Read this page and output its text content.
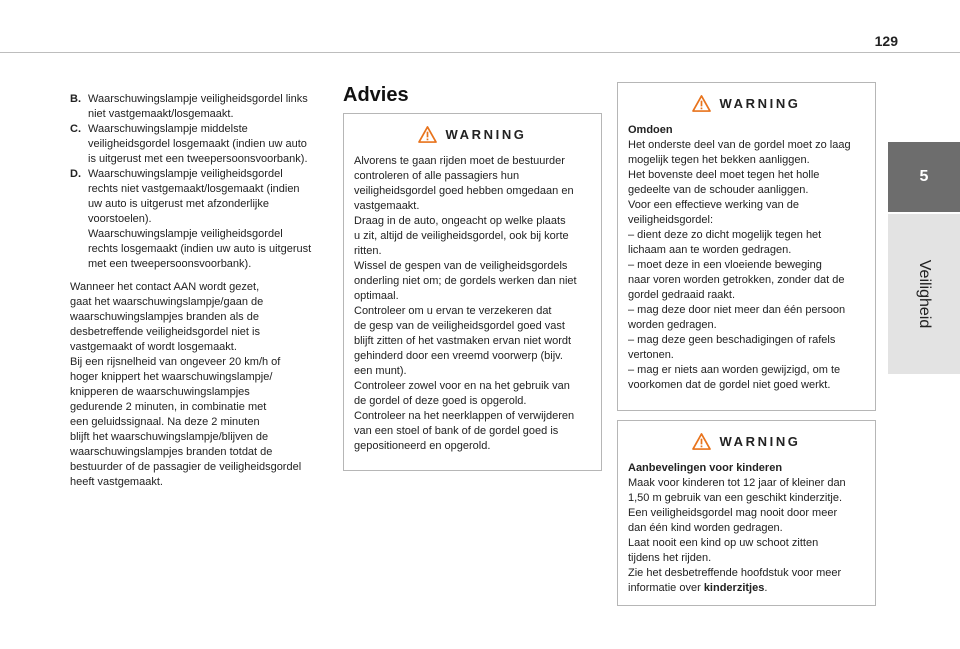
129
5
Veiligheid
B. Waarschuwingslampje veiligheidsgordel links
niet vastgemaakt/losgemaakt.
C. Waarschuwingslampje middelste
veiligheidsgordel losgemaakt (indien uw auto
is uitgerust met een tweepersoonsvoorbank).
D. Waarschuwingslampje veiligheidsgordel
rechts niet vastgemaakt/losgemaakt (indien
uw auto is uitgerust met afzonderlijke
voorstoelen).
Waarschuwingslampje veiligheidsgordel
rechts losgemaakt (indien uw auto is uitgerust
met een tweepersoonsvoorbank).
Wanneer het contact AAN wordt gezet,
gaat het waarschuwingslampje/gaan de
waarschuwingslampjes branden als de
desbetreffende veiligheidsgordel niet is
vastgemaakt of wordt losgemaakt.
Bij een rijsnelheid van ongeveer 20 km/h of
hoger knippert het waarschuwingslampje/
knipperen de waarschuwingslampjes
gedurende 2 minuten, in combinatie met
een geluidssignaal. Na deze 2 minuten
blijft het waarschuwingslampje/blijven de
waarschuwingslampjes branden totdat de
bestuurder of de passagier de veiligheidsgordel
heeft vastgemaakt.
Advies
WARNING
Alvorens te gaan rijden moet de bestuurder
controleren of alle passagiers hun
veiligheidsgordel goed hebben omgedaan en
vastgemaakt.
Draag in de auto, ongeacht op welke plaats
u zit, altijd de veiligheidsgordel, ook bij korte
ritten.
Wissel de gespen van de veiligheidsgordels
onderling niet om; de gordels werken dan niet
optimaal.
Controleer om u ervan te verzekeren dat
de gesp van de veiligheidsgordel goed vast
blijft zitten of het vastmaken ervan niet wordt
gehinderd door een vreemd voorwerp (bijv.
een munt).
Controleer zowel voor en na het gebruik van
de gordel of deze goed is opgerold.
Controleer na het neerklappen of verwijderen
van een stoel of bank of de gordel goed is
gepositioneerd en opgerold.
WARNING
Omdoen
Het onderste deel van de gordel moet zo laag
mogelijk tegen het bekken aanliggen.
Het bovenste deel moet tegen het holle
gedeelte van de schouder aanliggen.
Voor een effectieve werking van de
veiligheidsgordel:
– dient deze zo dicht mogelijk tegen het
lichaam aan te worden gedragen.
– moet deze in een vloeiende beweging
naar voren worden getrokken, zonder dat de
gordel gedraaid raakt.
– mag deze door niet meer dan één persoon
worden gedragen.
– mag deze geen beschadigingen of rafels
vertonen.
– mag er niets aan worden gewijzigd, om te
voorkomen dat de gordel niet goed werkt.
WARNING
Aanbevelingen voor kinderen
Maak voor kinderen tot 12 jaar of kleiner dan
1,50 m gebruik van een geschikt kinderzitje.
Een veiligheidsgordel mag nooit door meer
dan één kind worden gedragen.
Laat nooit een kind op uw schoot zitten
tijdens het rijden.
Zie het desbetreffende hoofdstuk voor meer
informatie over kinderzitjes.
